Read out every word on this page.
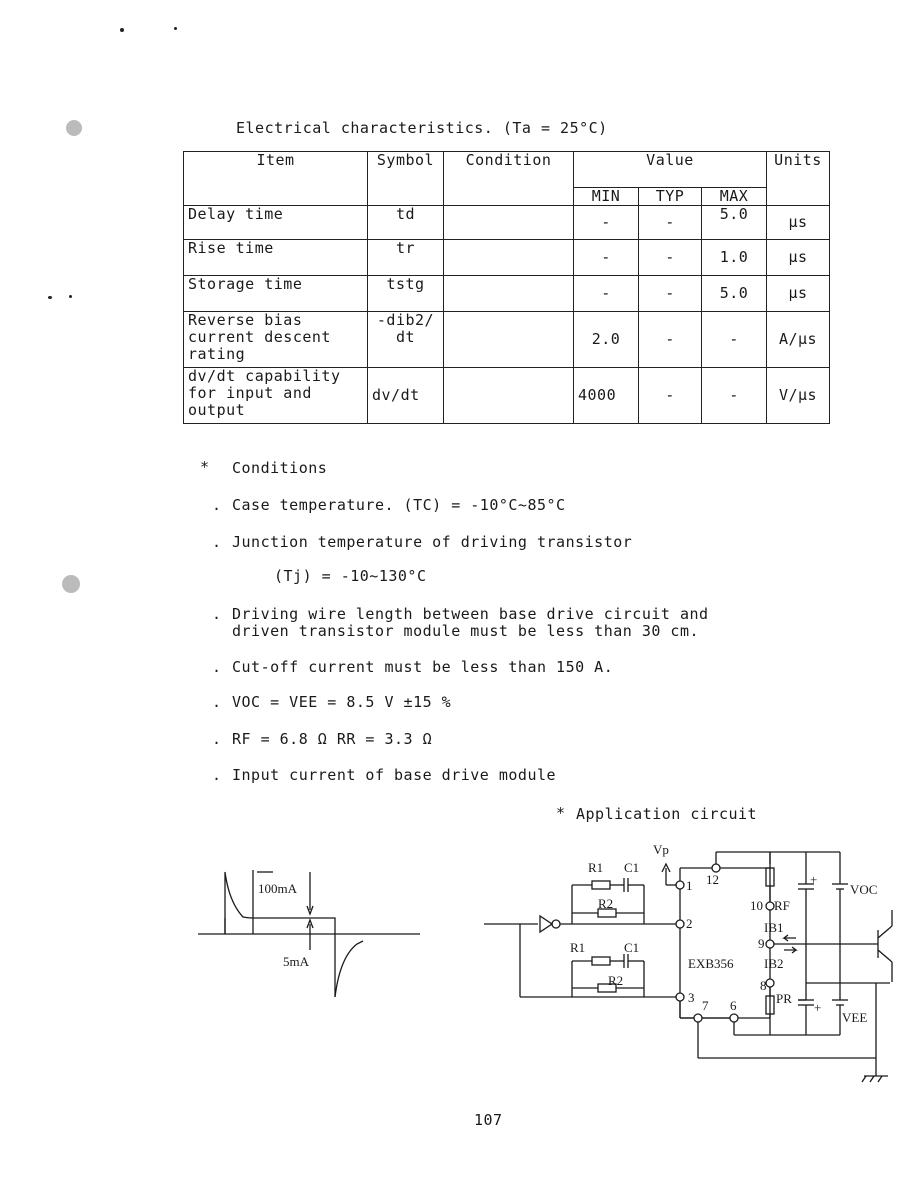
Electrical characteristics. (Ta = 25°C)
Item	Symbol	Condition	Value			Units
			MIN	TYP	MAX	
Delay time	td		-	-	5.0	μs
Rise time	tr		-	-	1.0	μs
Storage time	tstg		-	-	5.0	μs
Reverse bias current descent rating	-dib2/ dt		2.0	-	-	A/μs
dv/dt capability for input and output	dv/dt		4000	-	-	V/μs
* Conditions
. Case temperature. (TC) = -10°C~85°C
. Junction temperature of driving transistor
(Tj) = -10~130°C
. Driving wire length between base drive circuit and
driven transistor module must be less than 30 cm.
. Cut-off current must be less than 150 A.
. VOC = VEE = 8.5 V ±15 %
. RF = 6.8 Ω RR = 3.3 Ω
. Input current of base drive module
* Application circuit
100mA
5mA
Vp
R1 C1
R2
R1	C1
R2
EXB356
1
2
3
7 6
8
9
10
12
RF
PR
IB1
IB2
VOC
VEE
+
+
107
